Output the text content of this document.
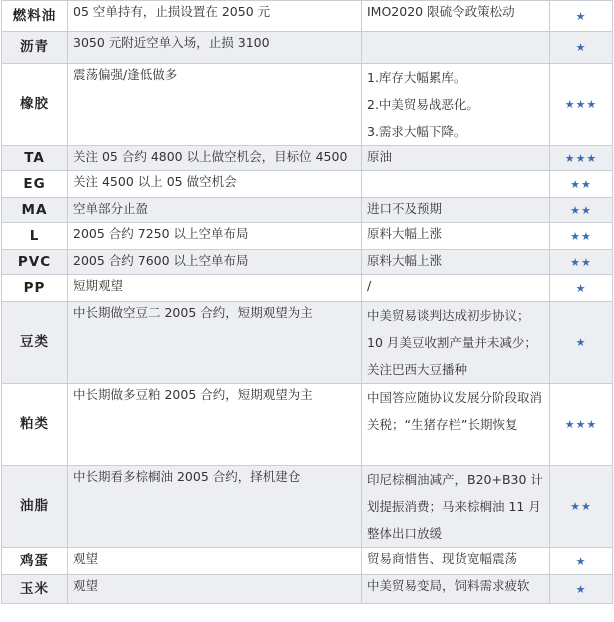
燃料油	05 空单持有，止损设置在 2050 元	IMO2020 限硫令政策松动	★
沥青	3050 元附近空单入场，止损 3100		★
橡胶	震荡偏强/逢低做多	1.库存大幅累库。
2.中美贸易战恶化。
3.需求大幅下降。	★★★
TA	关注 05 合约 4800 以上做空机会，目标位 4500	原油	★★★
EG	关注 4500 以上 05 做空机会		★★
MA	空单部分止盈	进口不及预期	★★
L	2005 合约 7250 以上空单布局	原料大幅上涨	★★
PVC	2005 合约 7600 以上空单布局	原料大幅上涨	★★
PP	短期观望	/	★
豆类	中长期做空豆二 2005 合约，短期观望为主	中美贸易谈判达成初步协议；
10 月美豆收割产量并未减少；
关注巴西大豆播种	★
粕类	中长期做多豆粕 2005 合约，短期观望为主	中国答应随协议发展分阶段取消关税；“生猪存栏”长期恢复	★★★
油脂	中长期看多棕榈油 2005 合约，择机建仓	印尼棕榈油减产，B20+B30 计划提振消费；马来棕榈油 11 月整体出口放缓	★★
鸡蛋	观望	贸易商惜售、现货宽幅震荡	★
玉米	观望	中美贸易变局，饲料需求疲软	★
